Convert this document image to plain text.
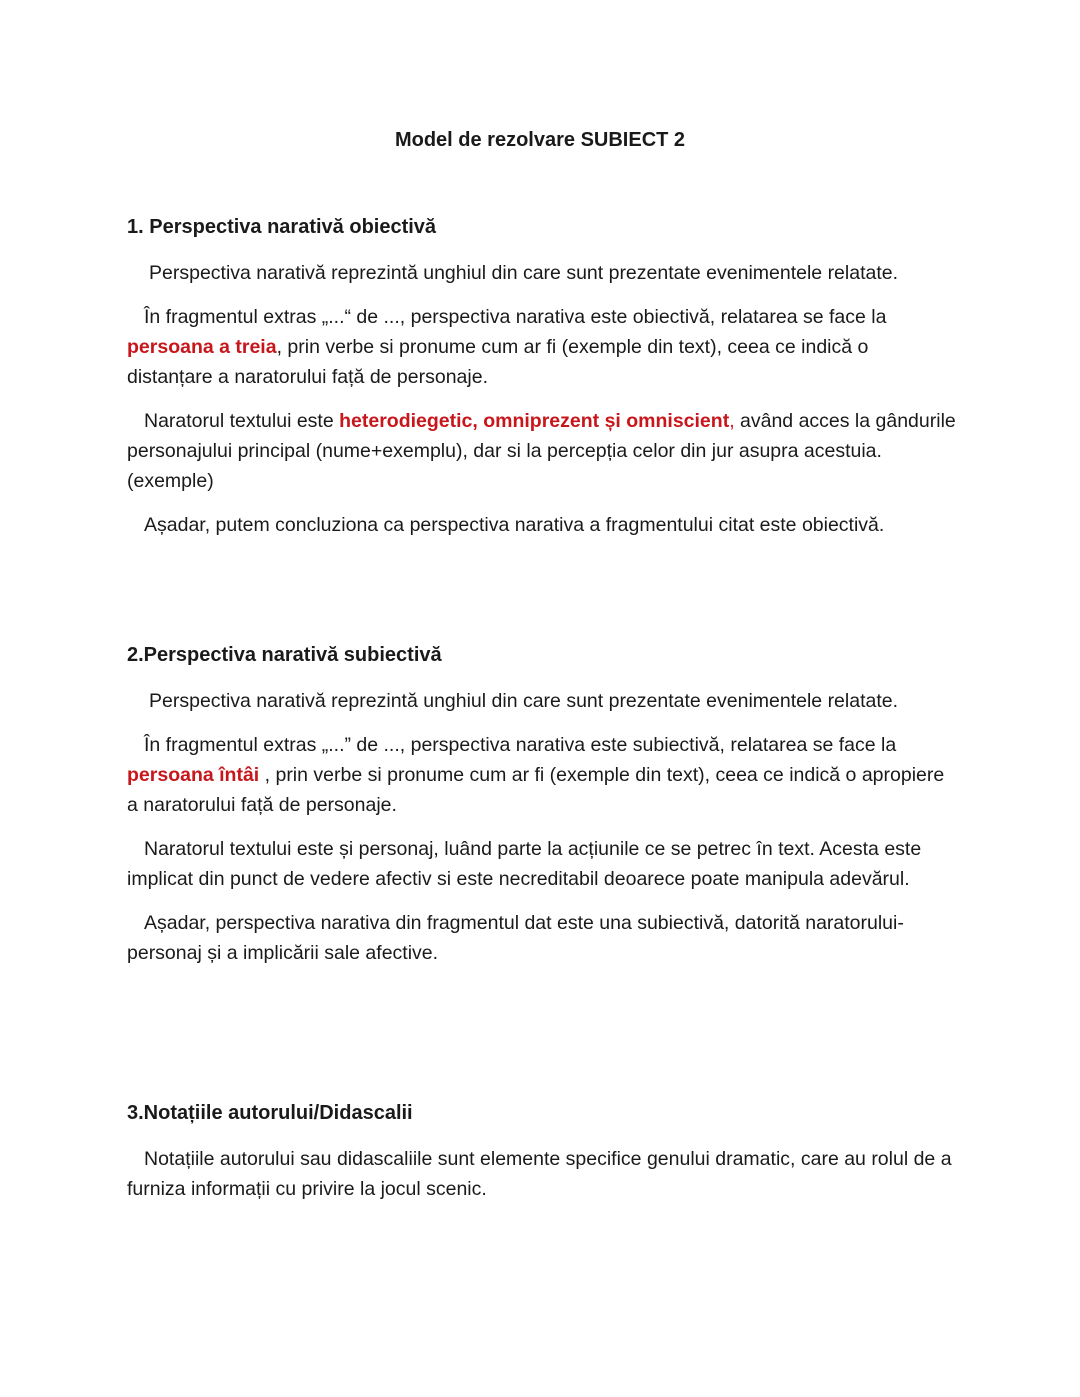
Model de rezolvare SUBIECT 2
1. Perspectiva narativă obiectivă

Perspectiva narativă reprezintă unghiul din care sunt prezentate evenimentele relatate.

În fragmentul extras „...“ de ..., perspectiva narativa este obiectivă, relatarea se face la persoana a treia, prin verbe si pronume cum ar fi (exemple din text), ceea ce indică o distanțare a naratorului față de personaje.

Naratorul textului este heterodiegetic, omniprezent și omniscient, având acces la gândurile personajului principal (nume+exemplu), dar si la percepția celor din jur asupra acestuia. (exemple)

Așadar, putem concluziona ca perspectiva narativa a fragmentului citat este obiectivă.

2.Perspectiva narativă subiectivă

Perspectiva narativă reprezintă unghiul din care sunt prezentate evenimentele relatate.

În fragmentul extras „...” de ..., perspectiva narativa este subiectivă, relatarea se face la persoana întâi , prin verbe si pronume cum ar fi (exemple din text), ceea ce indică o apropiere a naratorului față de personaje.

Naratorul textului este și personaj, luând parte la acțiunile ce se petrec în text. Acesta este implicat din punct de vedere afectiv si este necreditabil deoarece poate manipula adevărul.

Așadar, perspectiva narativa din fragmentul dat este una subiectivă, datorită naratorului-personaj și a implicării sale afective.

3.Notațiile autorului/Didascalii

Notațiile autorului sau didascaliile sunt elemente specifice genului dramatic, care au rolul de a furniza informații cu privire la jocul scenic.
